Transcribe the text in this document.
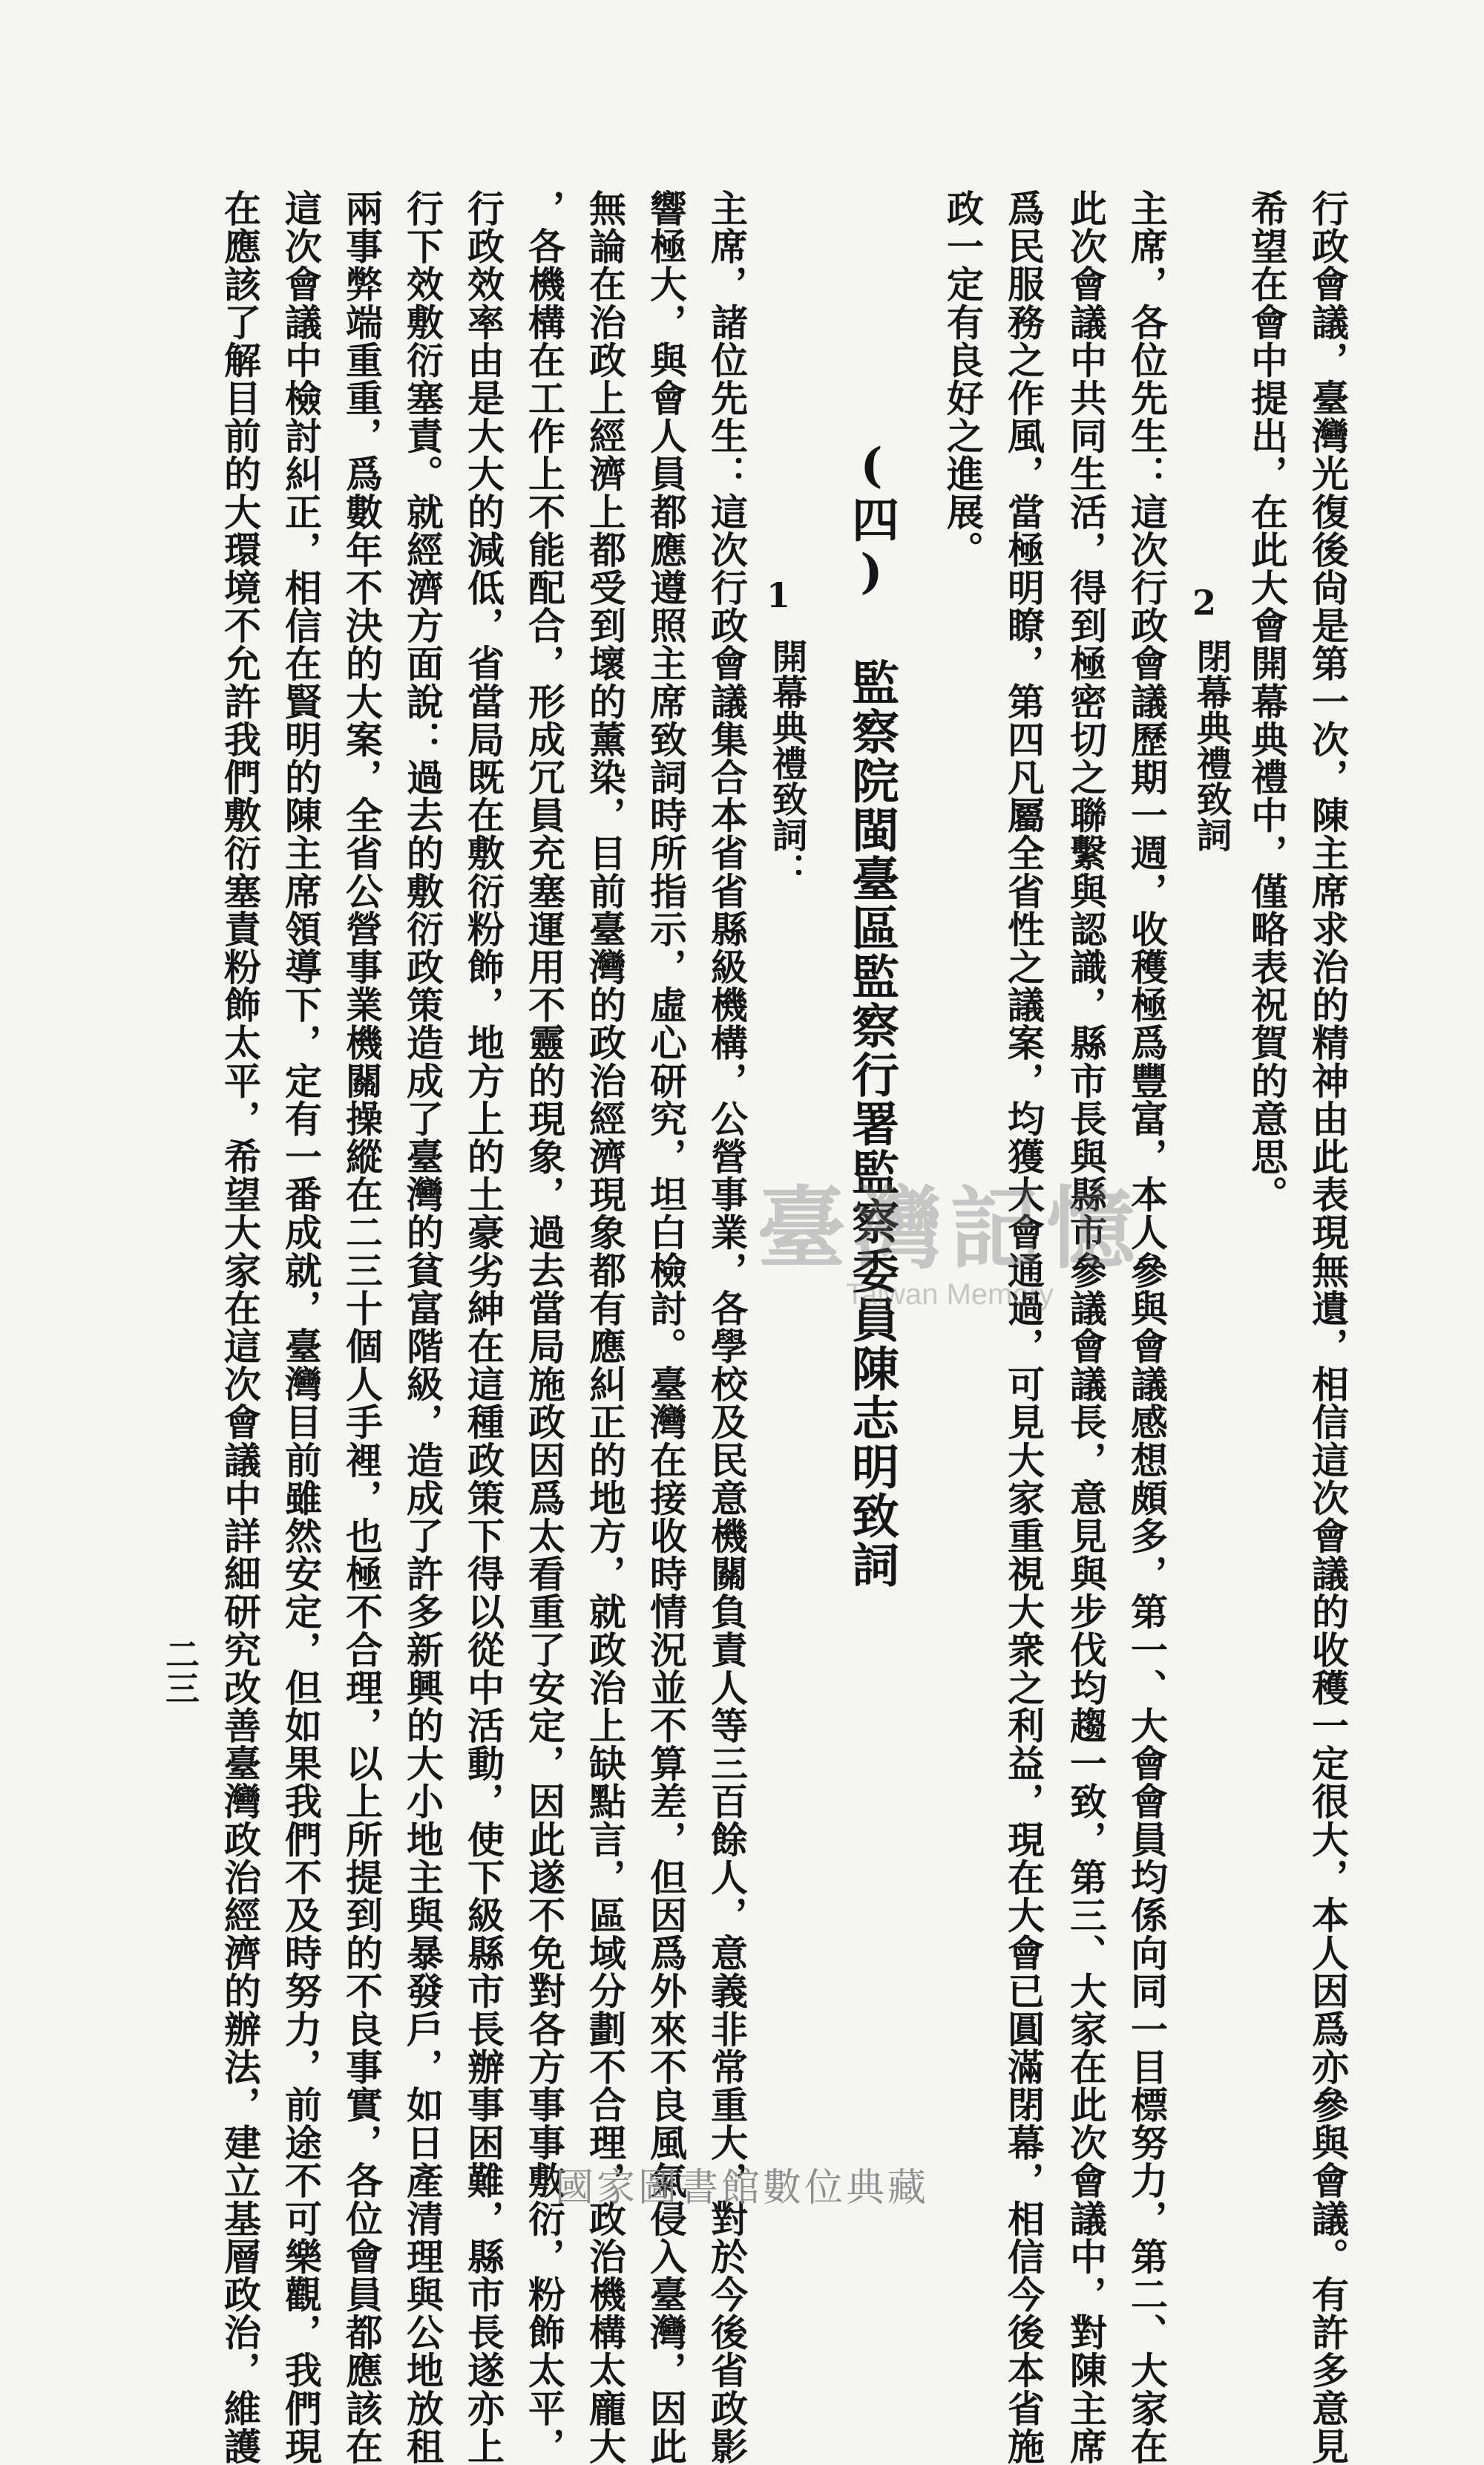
行政會議，臺灣光復後尙是第一次，陳主席求治的精神由此表現無遺，相信這次會議的收穫一定很大，本人因爲亦參與會議。有許多意見
希望在會中提出，在此大會開幕典禮中，僅略表祝賀的意思。
2
閉幕典禮致詞
主席，各位先生：這次行政會議歷期一週，收穫極爲豐富，本人參與會議感想頗多，第一、大會會員均係向同一目標努力，第二、大家在
此次會議中共同生活，得到極密切之聯繫與認識，縣市長與縣市參議會議長，意見與步伐均趨一致，第三、大家在此次會議中，對陳主席
爲民服務之作風，當極明瞭，第四凡屬全省性之議案，均獲大會通過，可見大家重視大衆之利益，現在大會已圓滿閉幕，相信今後本省施
政一定有良好之進展。
(四) 監察院閩臺區監察行署監察委員陳志明致詞
1
開幕典禮致詞：
主席，諸位先生：這次行政會議集合本省省縣級機構，公營事業，各學校及民意機關負責人等三百餘人，意義非常重大，對於今後省政影
響極大，與會人員都應遵照主席致詞時所指示，虛心研究，坦白檢討。臺灣在接收時情況並不算差，但因爲外來不良風氣侵入臺灣，因此
無論在治政上經濟上都受到壞的薰染，目前臺灣的政治經濟現象都有應糾正的地方，就政治上缺點言，區域分劃不合理，政治機構太龐大
，各機構在工作上不能配合，形成冗員充塞運用不靈的現象，過去當局施政因爲太看重了安定，因此遂不免對各方事事敷衍，粉飾太平，
行政效率由是大大的減低，省當局既在敷衍粉飾，地方上的土豪劣紳在這種政策下得以從中活動，使下級縣市長辦事困難，縣市長遂亦上
行下效敷衍塞責。就經濟方面說：過去的敷衍政策造成了臺灣的貧富階級，造成了許多新興的大小地主與暴發戶，如日產清理與公地放租
兩事弊端重重，爲數年不決的大案，全省公營事業機關操縱在二三十個人手裡，也極不合理，以上所提到的不良事實，各位會員都應該在
這次會議中檢討糾正，相信在賢明的陳主席領導下，定有一番成就，臺灣目前雖然安定，但如果我們不及時努力，前途不可樂觀，我們現
在應該了解目前的大環境不允許我們敷衍塞責粉飾太平，希望大家在這次會議中詳細研究改善臺灣政治經濟的辦法，建立基層政治，維護
二三
臺灣記憶
Taiwan Memory
國家圖書館數位典藏
